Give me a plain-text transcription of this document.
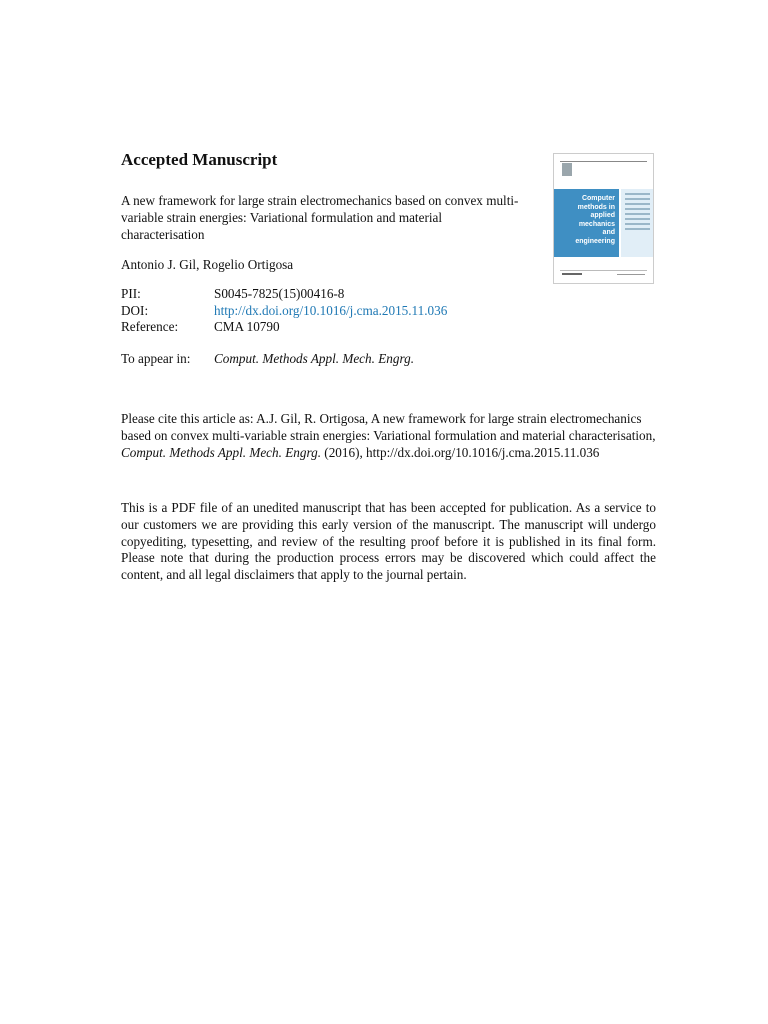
Accepted Manuscript

A new framework for large strain electromechanics based on convex multi-variable strain energies: Variational formulation and material characterisation

Antonio J. Gil, Rogelio Ortigosa

PII:	S0045-7825(15)00416-8
DOI:	http://dx.doi.org/10.1016/j.cma.2015.11.036
Reference:	CMA 10790
To appear in:	Comput. Methods Appl. Mech. Engrg.

Please cite this article as: A.J. Gil, R. Ortigosa, A new framework for large strain electromechanics based on convex multi-variable strain energies: Variational formulation and material characterisation, Comput. Methods Appl. Mech. Engrg. (2016), http://dx.doi.org/10.1016/j.cma.2015.11.036

This is a PDF file of an unedited manuscript that has been accepted for publication. As a service to our customers we are providing this early version of the manuscript. The manuscript will undergo copyediting, typesetting, and review of the resulting proof before it is published in its final form. Please note that during the production process errors may be discovered which could affect the content, and all legal disclaimers that apply to the journal pertain.

Computer
methods in
applied
mechanics
and
engineering
